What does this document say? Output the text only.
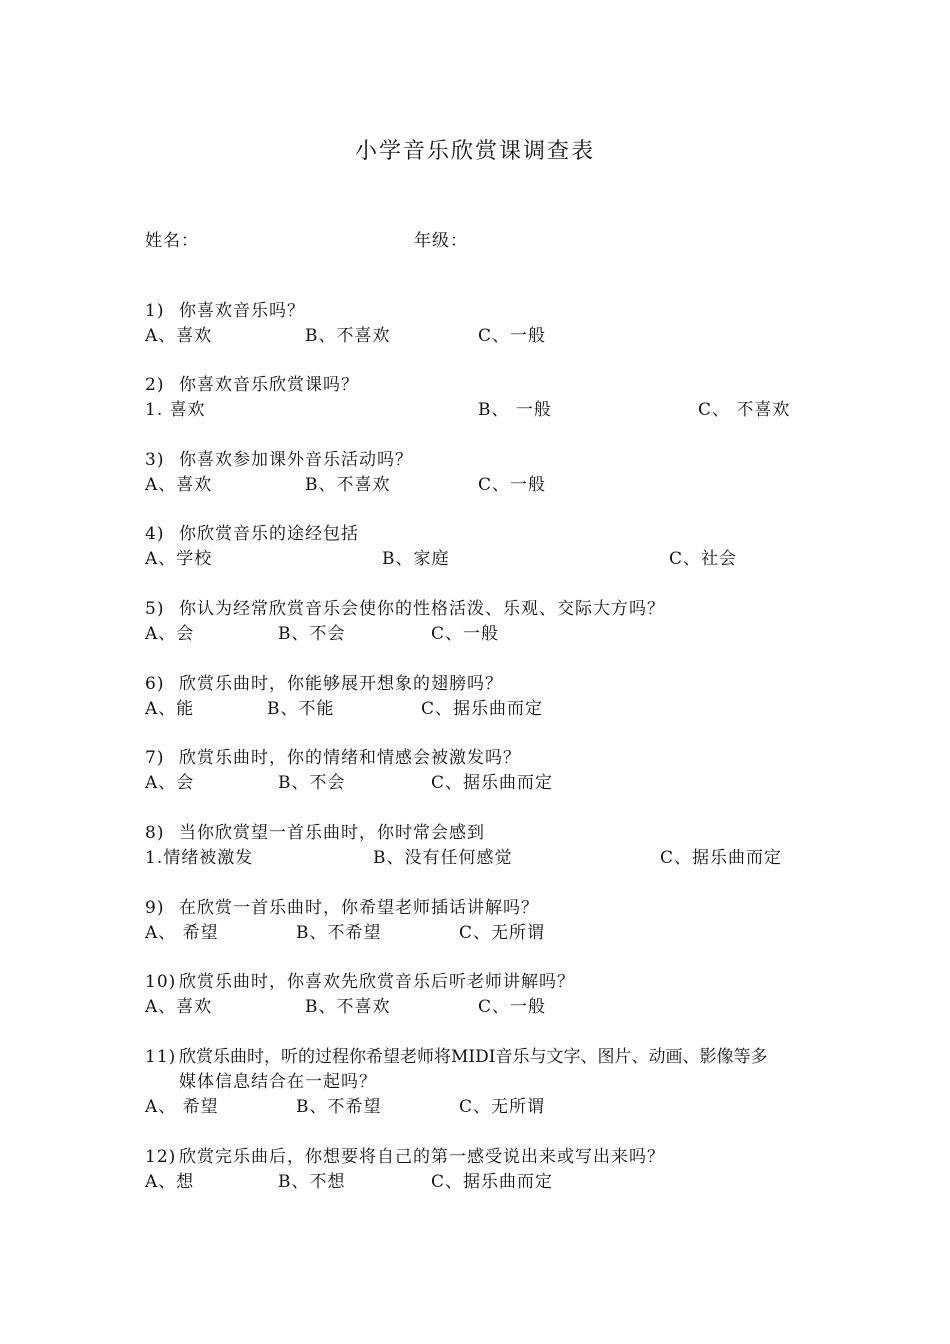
小学音乐欣赏课调查表
姓名：	年级：
1) 你喜欢音乐吗？
A、喜欢	B、不喜欢	C、一般
2) 你喜欢音乐欣赏课吗？
1. 喜欢	B、 一般	C、 不喜欢
3) 你喜欢参加课外音乐活动吗？
A、喜欢	B、不喜欢	C、一般
4) 你欣赏音乐的途经包括
A、学校	B、家庭	C、社会
5) 你认为经常欣赏音乐会使你的性格活泼、乐观、交际大方吗？
A、会	B、不会	C、一般
6) 欣赏乐曲时，你能够展开想象的翅膀吗？
A、能	B、不能	C、据乐曲而定
7) 欣赏乐曲时，你的情绪和情感会被激发吗？
A、会	B、不会	C、据乐曲而定
8) 当你欣赏望一首乐曲时，你时常会感到
1.情绪被激发	B、没有任何感觉	C、据乐曲而定
9) 在欣赏一首乐曲时，你希望老师插话讲解吗？
A、 希望	B、不希望	C、无所谓
10) 欣赏乐曲时，你喜欢先欣赏音乐后听老师讲解吗？
A、喜欢	B、不喜欢	C、一般
11) 欣赏乐曲时，听的过程你希望老师将MIDI音乐与文字、图片、动画、影像等多
媒体信息结合在一起吗？
A、 希望	B、不希望	C、无所谓
12) 欣赏完乐曲后，你想要将自己的第一感受说出来或写出来吗？
A、想	B、不想	C、据乐曲而定
